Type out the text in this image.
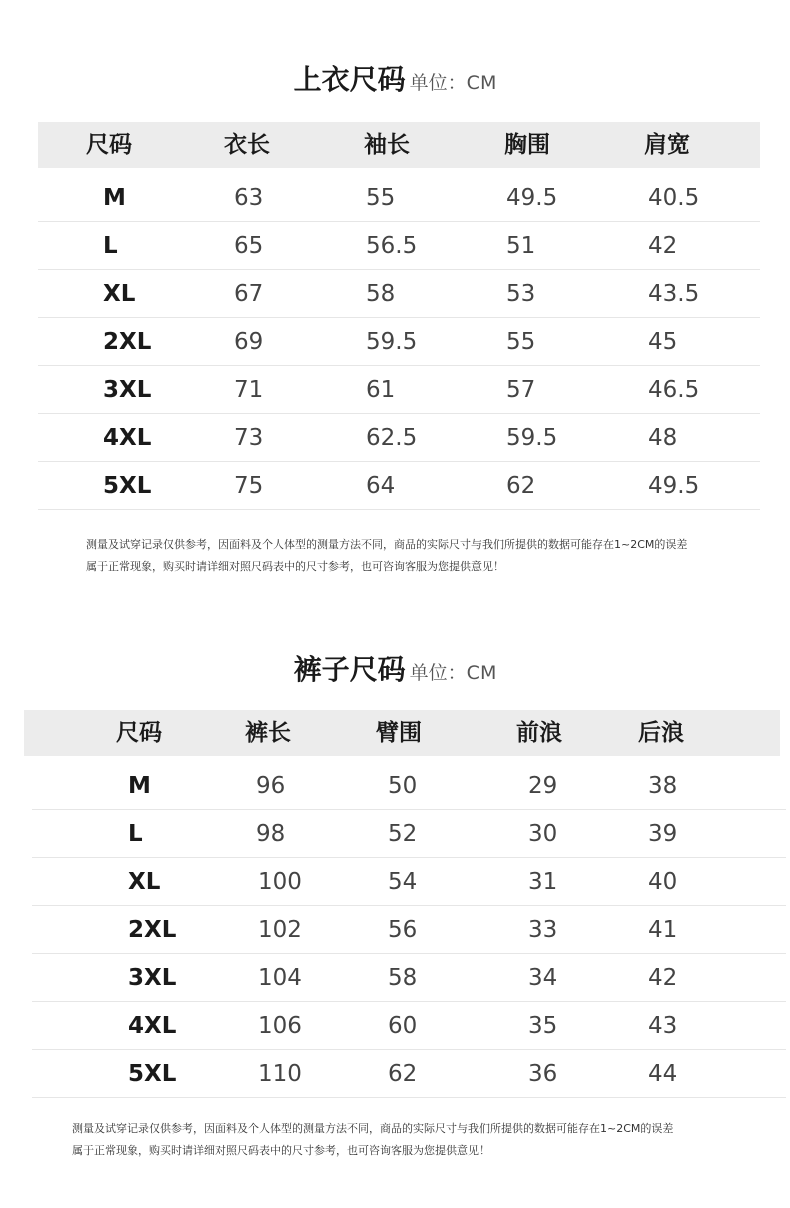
上衣尺码 单位：CM
尺码	衣长	袖长	胸围	肩宽
M	63	55	49.5	40.5
L	65	56.5	51	42
XL	67	58	53	43.5
2XL	69	59.5	55	45
3XL	71	61	57	46.5
4XL	73	62.5	59.5	48
5XL	75	64	62	49.5
测量及试穿记录仅供参考，因面料及个人体型的测量方法不同，商品的实际尺寸与我们所提供的数据可能存在1~2CM的误差
属于正常现象，购买时请详细对照尺码表中的尺寸参考，也可咨询客服为您提供意见！
裤子尺码 单位：CM
尺码	裤长	臂围	前浪	后浪
M	96	50	29	38
L	98	52	30	39
XL	100	54	31	40
2XL	102	56	33	41
3XL	104	58	34	42
4XL	106	60	35	43
5XL	110	62	36	44
测量及试穿记录仅供参考，因面料及个人体型的测量方法不同，商品的实际尺寸与我们所提供的数据可能存在1~2CM的误差
属于正常现象，购买时请详细对照尺码表中的尺寸参考，也可咨询客服为您提供意见！
